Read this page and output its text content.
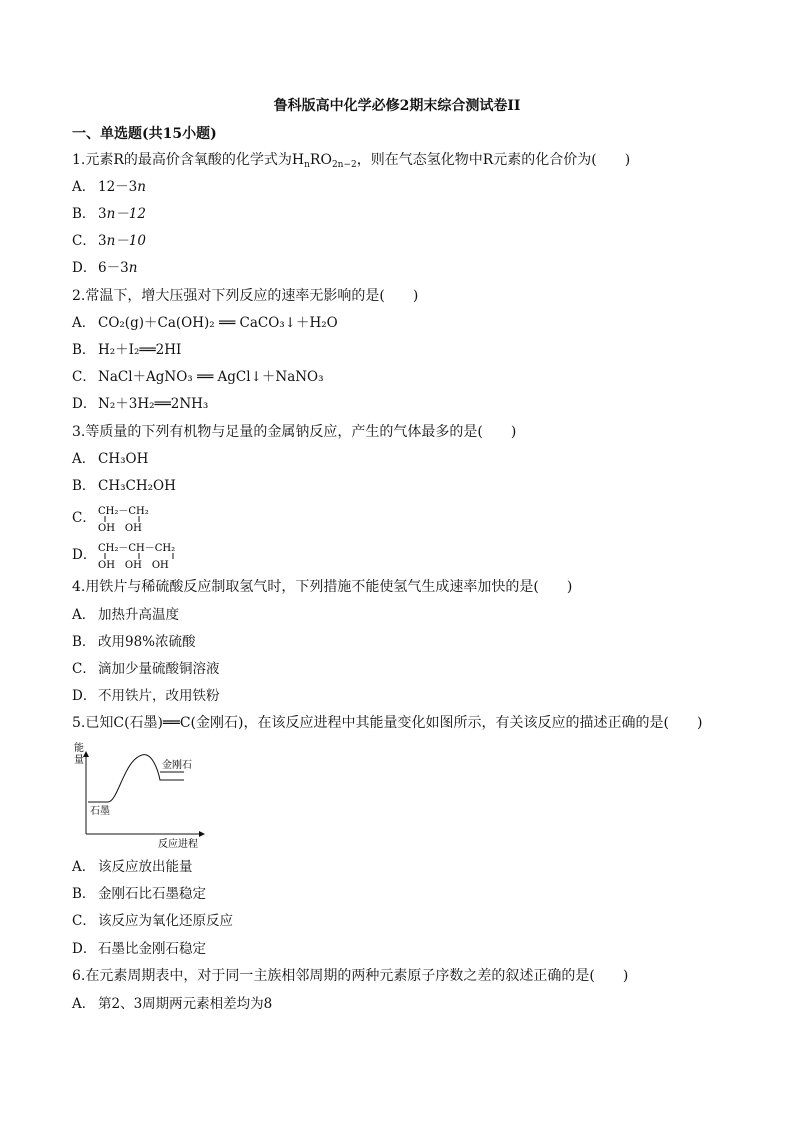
鲁科版高中化学必修2期末综合测试卷II
一、单选题(共15小题)
1.元素R的最高价含氧酸的化学式为$H_nRO_{2n-2}$，则在气态氢化物中R元素的化合价为(　　)
A． 12－3n
B． 3n－12
C． 3n－10
D． 6－3n
2.常温下，增大压强对下列反应的速率无影响的是(　　)
A． CO₂(g)＋Ca(OH)₂ ══ CaCO₃↓＋H₂O
B． H₂＋I₂══2HI
C． NaCl＋AgNO₃ ══ AgCl↓＋NaNO₃
D． N₂＋3H₂══2NH₃
3.等质量的下列有机物与足量的金属钠反应，产生的气体最多的是(　　)
A． CH₃OH
B． CH₃CH₂OH
C． CH₂－CH₂
OH　OH
D． CH₂－CH－CH₂
OH　OH　OH
4.用铁片与稀硫酸反应制取氢气时，下列措施不能使氢气生成速率加快的是(　　)
A． 加热升高温度
B． 改用98%浓硫酸
C． 滴加少量硫酸铜溶液
D． 不用铁片，改用铁粉
5.已知C(石墨)══C(金刚石)，在该反应进程中其能量变化如图所示，有关该反应的描述正确的是(　　)
能
量
石墨
金刚石
反应进程
A． 该反应放出能量
B． 金刚石比石墨稳定
C． 该反应为氧化还原反应
D． 石墨比金刚石稳定
6.在元素周期表中，对于同一主族相邻周期的两种元素原子序数之差的叙述正确的是(　　)
A． 第2、3周期两元素相差均为8
